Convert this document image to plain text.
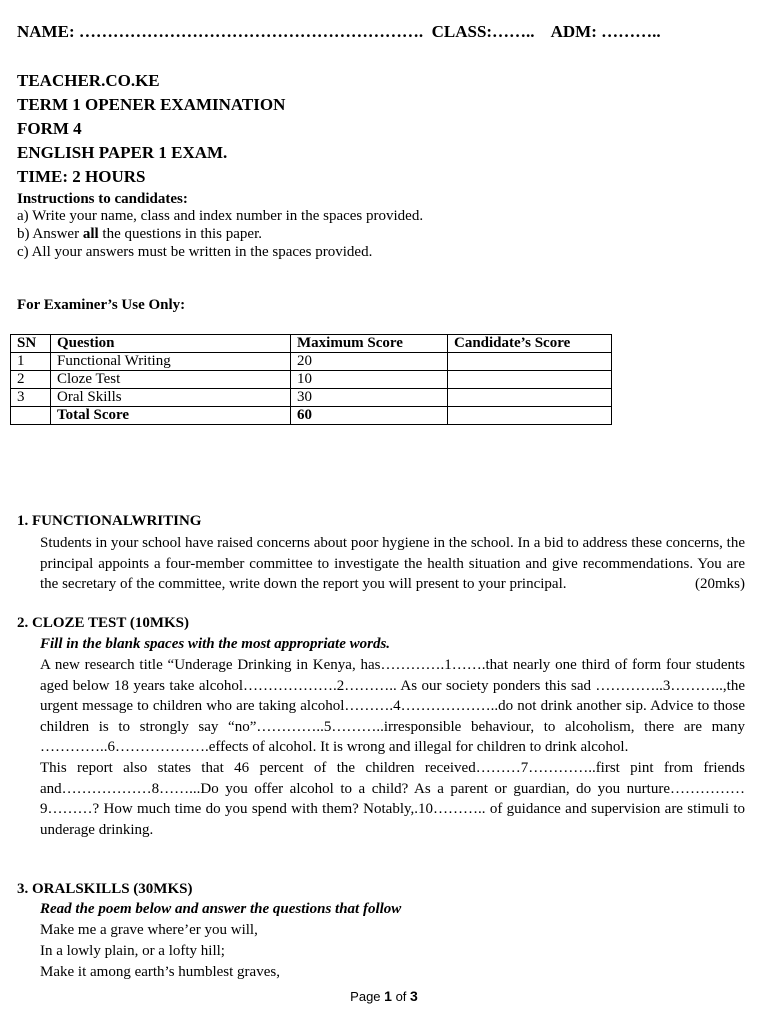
NAME: …………………………………………………….  CLASS:……..    ADM: ………..
TEACHER.CO.KE
TERM 1 OPENER EXAMINATION
FORM 4
ENGLISH PAPER 1 EXAM.
TIME: 2 HOURS
Instructions to candidates:
a) Write your name, class and index number in the spaces provided.
b) Answer all the questions in this paper.
c) All your answers must be written in the spaces provided.
For Examiner’s Use Only:
SN	Question	Maximum Score	Candidate’s Score
1	Functional Writing	20	
2	Cloze Test	10	
3	Oral Skills	30	
	Total Score	60	
1. FUNCTIONALWRITING
Students in your school have raised concerns about poor hygiene in the school. In a bid to address these concerns, the principal appoints a four-member committee to investigate the health situation and give recommendations. You are the secretary of the committee, write down the report you will present to your principal.	(20mks)
2. CLOZE TEST (10MKS)
Fill in the blank spaces with the most appropriate words.
A new research title “Underage Drinking in Kenya, has………….1…….that nearly one third of form four students aged below 18 years take alcohol……………….2……….. As our society ponders this sad …………..3………..,the urgent message to children who are taking alcohol……….4………………..do not drink another sip. Advice to those children is to strongly say “no”…………..5………..irresponsible behaviour, to alcoholism, there are many …………..6……………….effects of alcohol. It is wrong and illegal for children to drink alcohol.
This report also states that 46 percent of the children received………7…………..first pint from friends and………………8……...Do you offer alcohol to a child? As a parent or guardian, do you nurture……………9………? How much time do you spend with them? Notably,.10……….. of guidance and supervision are stimuli to underage drinking.
3. ORALSKILLS (30MKS)
Read the poem below and answer the questions that follow
Make me a grave where’er you will,
In a lowly plain, or a lofty hill;
Make it among earth’s humblest graves,
Page 1 of 3
